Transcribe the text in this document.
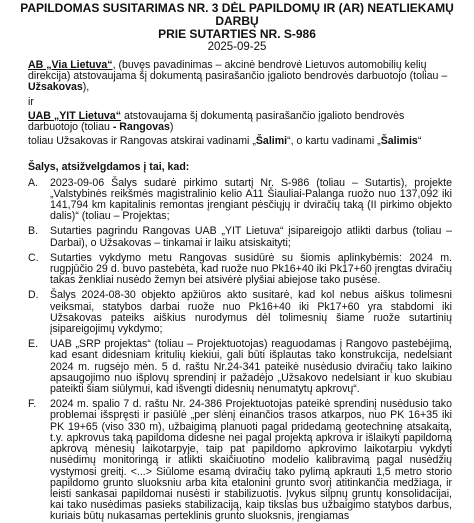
PAPILDOMAS SUSITARIMAS NR. 3 DĖL PAPILDOMŲ IR (AR) NEATLIEKAMŲ DARBŲ
PRIE SUTARTIES NR. S-986
2025-09-25
AB „Via Lietuva“, (buvęs pavadinimas – akcinė bendrovė Lietuvos automobilių kelių direkcija) atstovaujama šį dokumentą pasirašančio įgalioto bendrovės darbuotojo (toliau – Užsakovas),
ir
UAB „YIT Lietuva“ atstovaujama šį dokumentą pasirašančio įgalioto bendrovės darbuotojo (toliau - Rangovas)
toliau Užsakovas ir Rangovas atskirai vadinami „Šalimi“, o kartu vadinami „Šalimis“
Šalys, atsižvelgdamos į tai, kad:
A.	2023-09-06 Šalys sudarė pirkimo sutartį Nr. S-986 (toliau – Sutartis), projekte „Valstybinės reikšmės magistralinio kelio A11 Šiauliai-Palanga ruožo nuo 137,092 iki 141,794 km kapitalinis remontas įrengiant pėsčiųjų ir dviračių taką (II pirkimo objekto dalis)“ (toliau – Projektas;
B.	Sutarties pagrindu Rangovas UAB „YIT Lietuva“ įsipareigojo atlikti darbus (toliau – Darbai), o Užsakovas – tinkamai ir laiku atsiskaityti;
C.	Sutarties vykdymo metu Rangovas susidūrė su šiomis aplinkybėmis: 2024 m. rugpjūčio 29 d. buvo pastebėta, kad ruože nuo Pk16+40 iki Pk17+60 įrengtas dviračių takas ženkliai nusėdo žemyn bei atsivėrė plyšiai abiejose tako pusėse.
D.	Šalys 2024-08-30 objekto apžiūros akto susitarė, kad kol nebus aiškus tolimesni veiksmai, statybos darbai ruože nuo Pk16+40 iki Pk17+60 yra stabdomi iki Užsakovas pateiks aiškius nurodymus dėl tolimesnių šiame ruože sutartinių įsipareigojimų vykdymo;
E.	UAB „SRP projektas“ (toliau – Projektuotojas) reaguodamas į Rangovo pastebėjimą, kad esant didesniam kritulių kiekiui, gali būti išplautas tako konstrukcija, nedelsiant 2024 m. rugsėjo mėn. 5 d. raštu Nr.24-341 pateikė nusėdusio dviračių tako laikino apsaugojimo nuo išplovų sprendinį ir pažadėjo „Užsakovo nedelsiant ir kuo skubiau pateikti šiam siūlymui, kad išvengti didesnių nenumatytų apkrovų“.
F.	2024 m. spalio 7 d. raštu Nr. 24-386 Projektuotojas pateikė sprendinį nusėdusio tako problemai išspręsti ir pasiūlė „per slėnį einančios trasos atkarpos, nuo PK 16+35 iki PK 19+65 (viso 330 m), užbaigimą planuoti pagal pridedamą geotechninę atsakaitą, t.y. apkrovus taką papildoma didesne nei pagal projektą apkrova ir išlaikyti papildomą apkrovą mėnesių laikotarpyje, taip pat papildomo apkrovimo laikotarpiu vykdyti nusėdimų monitoringą ir atlikti skaičiuotino modelio kalibravimą pagal nusėdžių vystymosi greitį. <...> Siūlome esamą dviračių tako pylimą apkrauti 1,5 metro storio papildomo grunto sluoksniu arba kita etalonini grunto svorį atitinkančia medžiaga, ir leisti sankasai papildomai nusėsti ir stabilizuotis. Įvykus silpnų gruntų konsolidacijai, kai tako nusėdimas pasieks stabilizaciją, kaip tikslas bus užbaigimo statybos darbus, kuriais būtų nukasamas perteklinis grunto sluoksnis, įrengiamas
